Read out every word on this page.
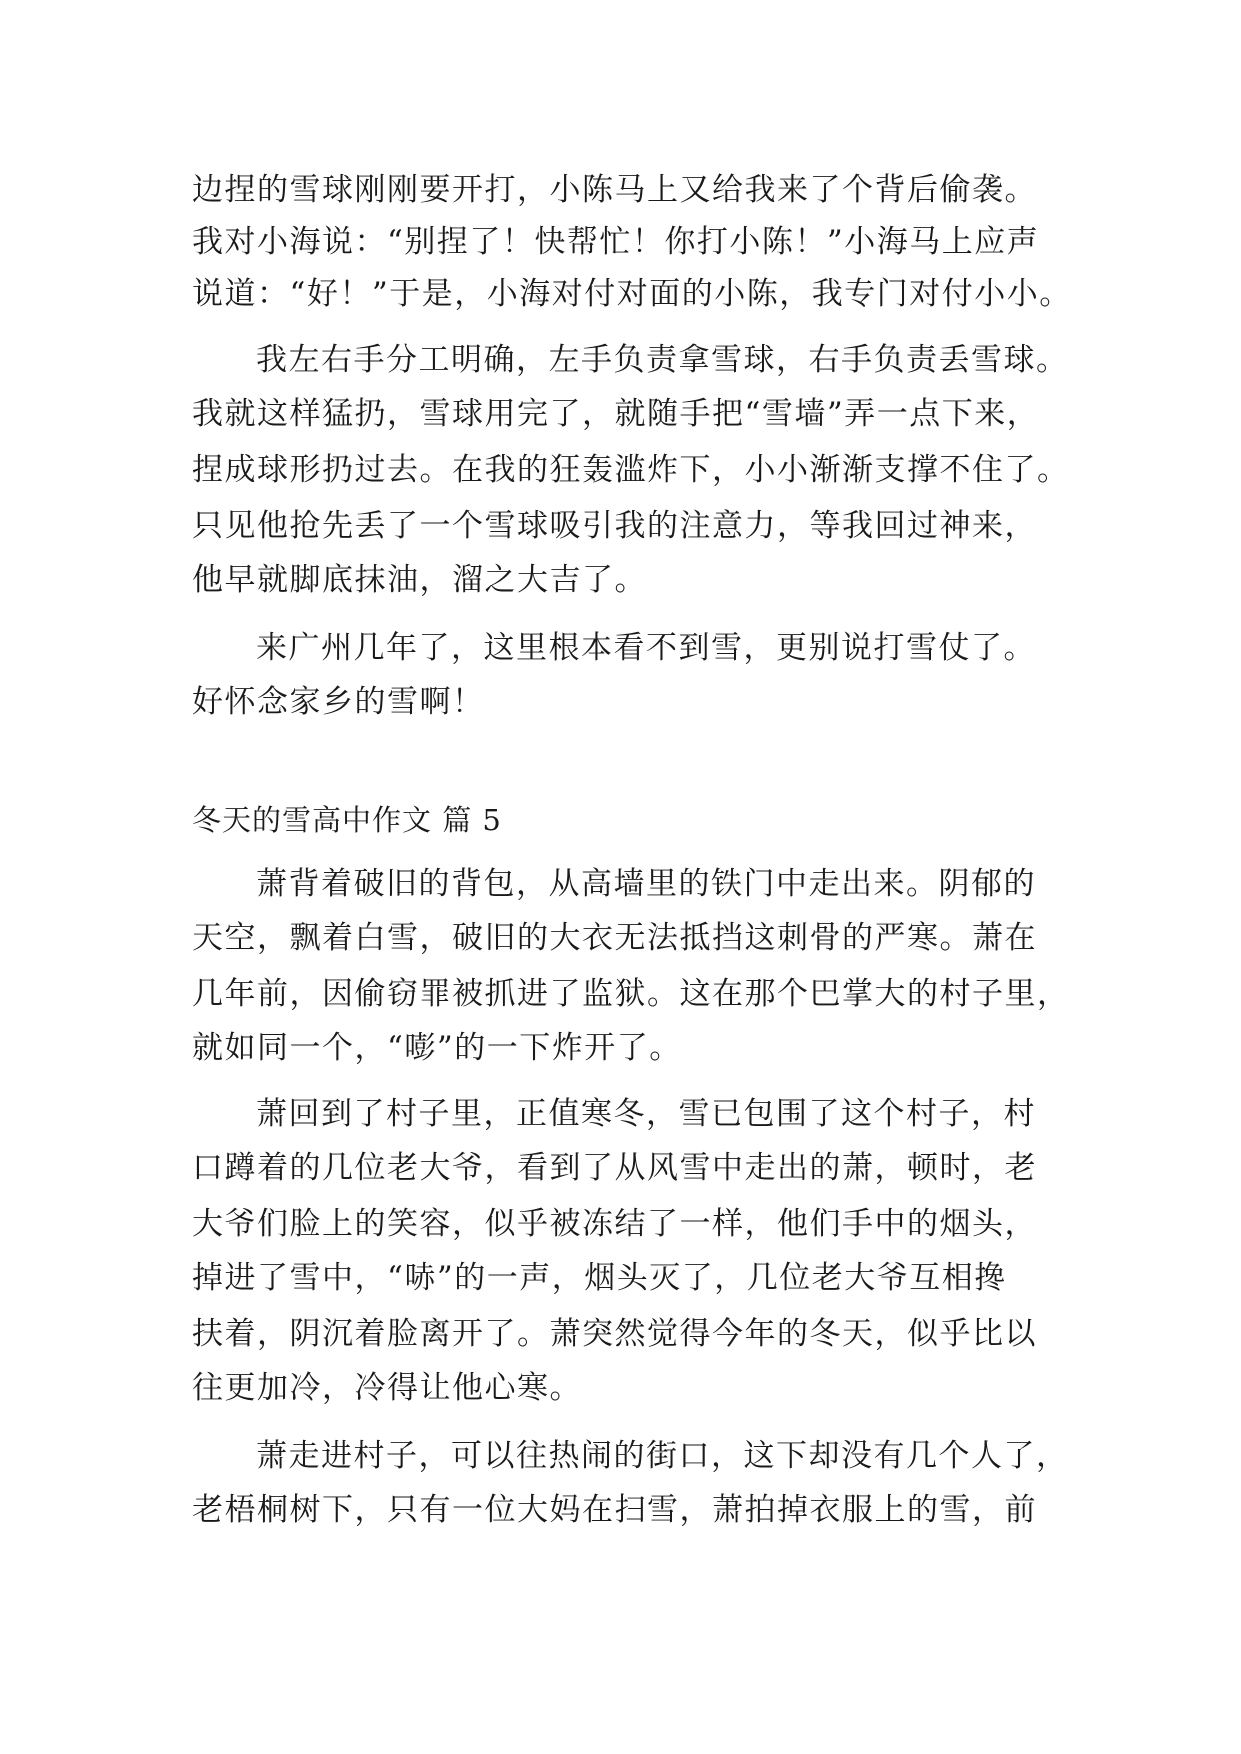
边捏的雪球刚刚要开打，小陈马上又给我来了个背后偷袭。
我对小海说：“别捏了！快帮忙！你打小陈！”小海马上应声
说道：“好！”于是，小海对付对面的小陈，我专门对付小小。
我左右手分工明确，左手负责拿雪球，右手负责丢雪球。
我就这样猛扔，雪球用完了，就随手把“雪墙”弄一点下来，
捏成球形扔过去。在我的狂轰滥炸下，小小渐渐支撑不住了。
只见他抢先丢了一个雪球吸引我的注意力，等我回过神来，
他早就脚底抹油，溜之大吉了。
来广州几年了，这里根本看不到雪，更别说打雪仗了。
好怀念家乡的雪啊！
冬天的雪高中作文 篇 5
萧背着破旧的背包，从高墙里的铁门中走出来。阴郁的
天空，飘着白雪，破旧的大衣无法抵挡这刺骨的严寒。萧在
几年前，因偷窃罪被抓进了监狱。这在那个巴掌大的村子里，
就如同一个，“嘭”的一下炸开了。
萧回到了村子里，正值寒冬，雪已包围了这个村子，村
口蹲着的几位老大爷，看到了从风雪中走出的萧，顿时，老
大爷们脸上的笑容，似乎被冻结了一样，他们手中的烟头，
掉进了雪中，“哧”的一声，烟头灭了，几位老大爷互相搀
扶着，阴沉着脸离开了。萧突然觉得今年的冬天，似乎比以
往更加冷，冷得让他心寒。
萧走进村子，可以往热闹的街口，这下却没有几个人了，
老梧桐树下，只有一位大妈在扫雪，萧拍掉衣服上的雪，前
